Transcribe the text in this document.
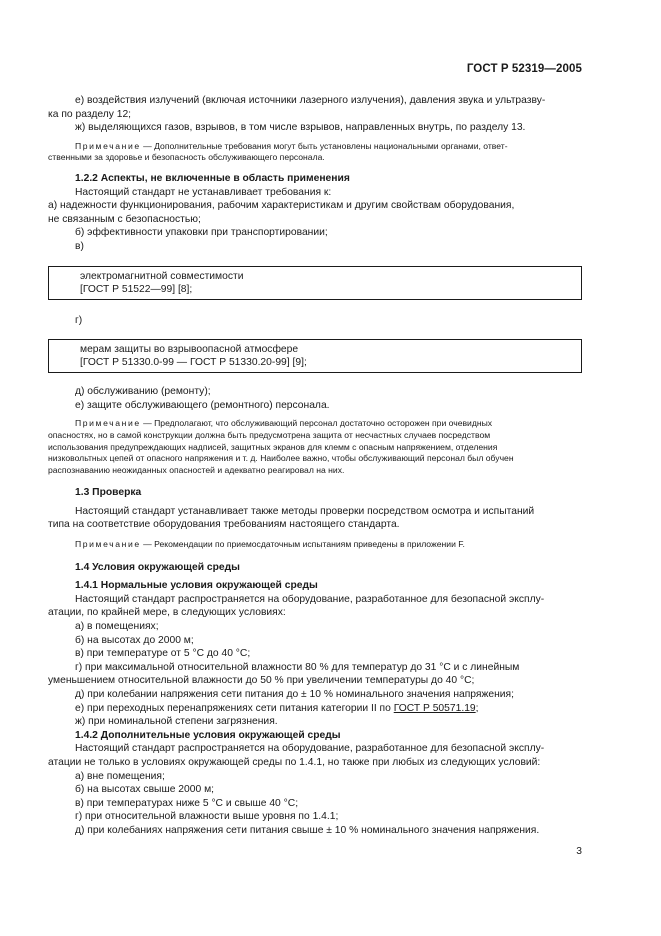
ГОСТ Р 52319—2005

е) воздействия излучений (включая источники лазерного излучения), давления звука и ультразву-

ка по разделу 12;

ж) выделяющихся газов, взрывов, в том числе взрывов, направленных внутрь, по разделу 13.

Примечание — Дополнительные требования могут быть установлены национальными органами, ответ-

ственными за здоровье и безопасность обслуживающего персонала.

1.2.2 Аспекты, не включенные в область применения

Настоящий стандарт не устанавливает требования к:

а) надежности функционирования, рабочим характеристикам и другим свойствам оборудования,

не связанным с безопасностью;

б) эффективности упаковки при транспортировании;

в)

электромагнитной совместимости

[ГОСТ Р 51522—99] [8];

г)

мерам защиты во взрывоопасной атмосфере

[ГОСТ Р 51330.0-99 — ГОСТ Р 51330.20-99] [9];

д) обслуживанию (ремонту);

е) защите обслуживающего (ремонтного) персонала.

Примечание — Предполагают, что обслуживающий персонал достаточно осторожен при очевидных

опасностях, но в самой конструкции должна быть предусмотрена защита от несчастных случаев посредством

использования предупреждающих надписей, защитных экранов для клемм с опасным напряжением, отделения

низковольтных цепей от опасного напряжения и т. д. Наиболее важно, чтобы обслуживающий персонал был обучен

распознаванию неожиданных опасностей и адекватно реагировал на них.

1.3 Проверка

Настоящий стандарт устанавливает также методы проверки посредством осмотра и испытаний

типа на соответствие оборудования требованиям настоящего стандарта.

Примечание — Рекомендации по приемосдаточным испытаниям приведены в приложении F.

1.4 Условия окружающей среды

1.4.1 Нормальные условия окружающей среды

Настоящий стандарт распространяется на оборудование, разработанное для безопасной эксплу-

атации, по крайней мере, в следующих условиях:

а) в помещениях;

б) на высотах до 2000 м;

в) при температуре от 5 °С до 40 °С;

г) при максимальной относительной влажности 80 % для температур до 31 °С и с линейным

уменьшением относительной влажности до 50 % при увеличении температуры до 40 °С;

д) при колебании напряжения сети питания до ± 10 % номинального значения напряжения;

е) при переходных перенапряжениях сети питания категории II по ГОСТ Р 50571.19;

ж) при номинальной степени загрязнения.

1.4.2 Дополнительные условия окружающей среды

Настоящий стандарт распространяется на оборудование, разработанное для безопасной эксплу-

атации не только в условиях окружающей среды по 1.4.1, но также при любых из следующих условий:

а) вне помещения;

б) на высотах свыше 2000 м;

в) при температурах ниже 5 °С и свыше 40 °С;

г) при относительной влажности выше уровня по 1.4.1;

д) при колебаниях напряжения сети питания свыше ± 10 % номинального значения напряжения.

3
